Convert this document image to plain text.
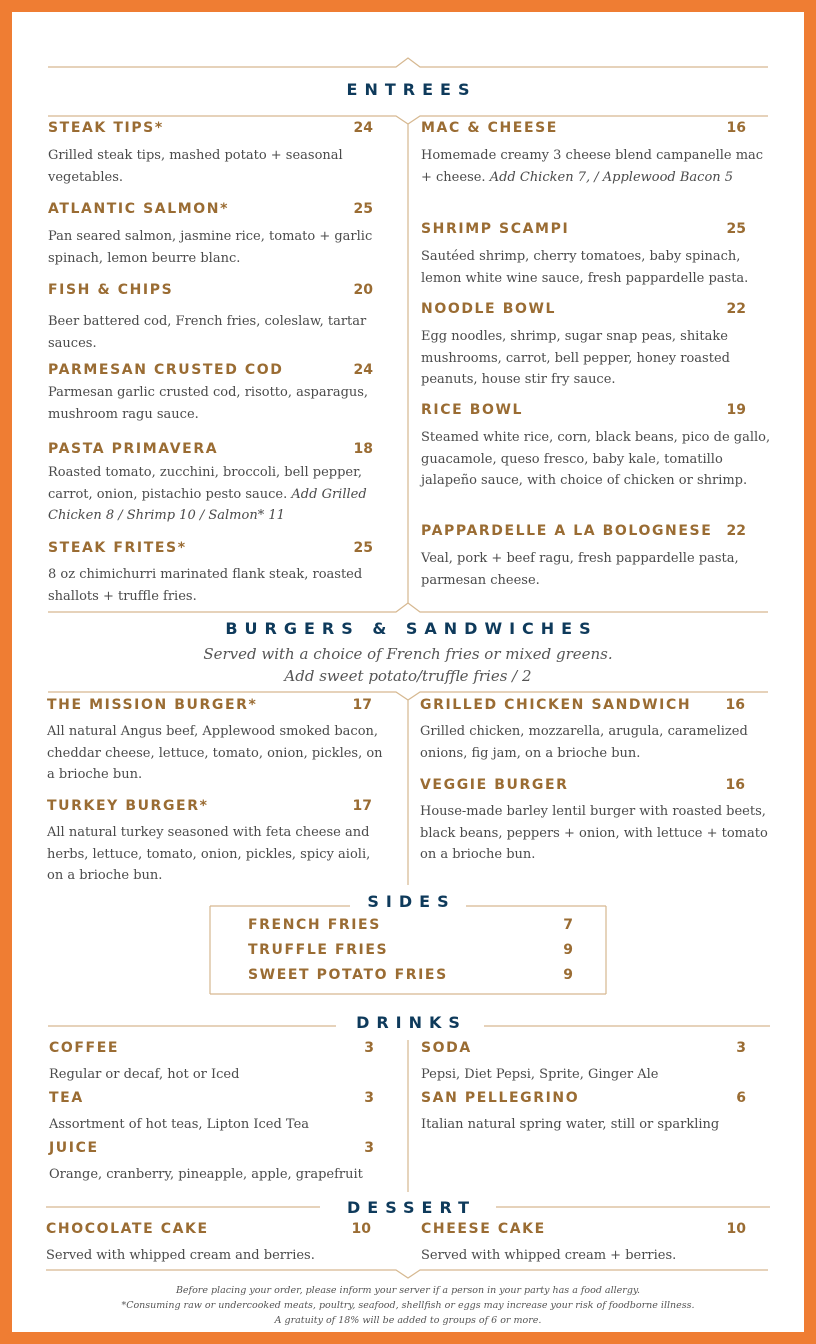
ENTREES
STEAK TIPS*	24
Grilled steak tips, mashed potato + seasonal vegetables.
ATLANTIC SALMON*	25
Pan seared salmon, jasmine rice, tomato + garlic spinach, lemon beurre blanc.
FISH & CHIPS	20
Beer battered cod, French fries, coleslaw, tartar sauces.
PARMESAN CRUSTED COD	24
Parmesan garlic crusted cod, risotto, asparagus, mushroom ragu sauce.
PASTA PRIMAVERA	18
Roasted tomato, zucchini, broccoli, bell pepper, carrot, onion, pistachio pesto sauce. Add Grilled Chicken 8 / Shrimp 10 / Salmon* 11
STEAK FRITES*	25
8 oz chimichurri marinated flank steak, roasted shallots + truffle fries.
MAC & CHEESE	16
Homemade creamy 3 cheese blend campanelle mac + cheese. Add Chicken 7, / Applewood Bacon 5
SHRIMP SCAMPI	25
Sautéed shrimp, cherry tomatoes, baby spinach, lemon white wine sauce, fresh pappardelle pasta.
NOODLE BOWL	22
Egg noodles, shrimp, sugar snap peas, shitake mushrooms, carrot, bell pepper, honey roasted peanuts, house stir fry sauce.
RICE BOWL	19
Steamed white rice, corn, black beans, pico de gallo, guacamole, queso fresco, baby kale, tomatillo jalapeño sauce, with choice of chicken or shrimp.
PAPPARDELLE A LA BOLOGNESE	22
Veal, pork + beef ragu, fresh pappardelle pasta, parmesan cheese.
BURGERS & SANDWICHES
Served with a choice of French fries or mixed greens.
Add sweet potato/truffle fries / 2
THE MISSION BURGER*	17
All natural Angus beef, Applewood smoked bacon, cheddar cheese, lettuce, tomato, onion, pickles, on a brioche bun.
TURKEY BURGER*	17
All natural turkey seasoned with feta cheese and herbs, lettuce, tomato, onion, pickles, spicy aioli, on a brioche bun.
GRILLED CHICKEN SANDWICH	16
Grilled chicken, mozzarella, arugula, caramelized onions, fig jam, on a brioche bun.
VEGGIE BURGER	16
House-made barley lentil burger with roasted beets, black beans, peppers + onion, with lettuce + tomato on a brioche bun.
SIDES
FRENCH FRIES	7
TRUFFLE FRIES	9
SWEET POTATO FRIES	9
DRINKS
COFFEE	3
Regular or decaf, hot or Iced
TEA	3
Assortment of hot teas, Lipton Iced Tea
JUICE	3
Orange, cranberry, pineapple, apple, grapefruit
SODA	3
Pepsi, Diet Pepsi, Sprite, Ginger Ale
SAN PELLEGRINO	6
Italian natural spring water, still or sparkling
DESSERT
CHOCOLATE CAKE	10
Served with whipped cream and berries.
CHEESE CAKE	10
Served with whipped cream + berries.
Before placing your order, please inform your server if a person in your party has a food allergy.
*Consuming raw or undercooked meats, poultry, seafood, shellfish or eggs may increase your risk of foodborne illness.
A gratuity of 18% will be added to groups of 6 or more.
